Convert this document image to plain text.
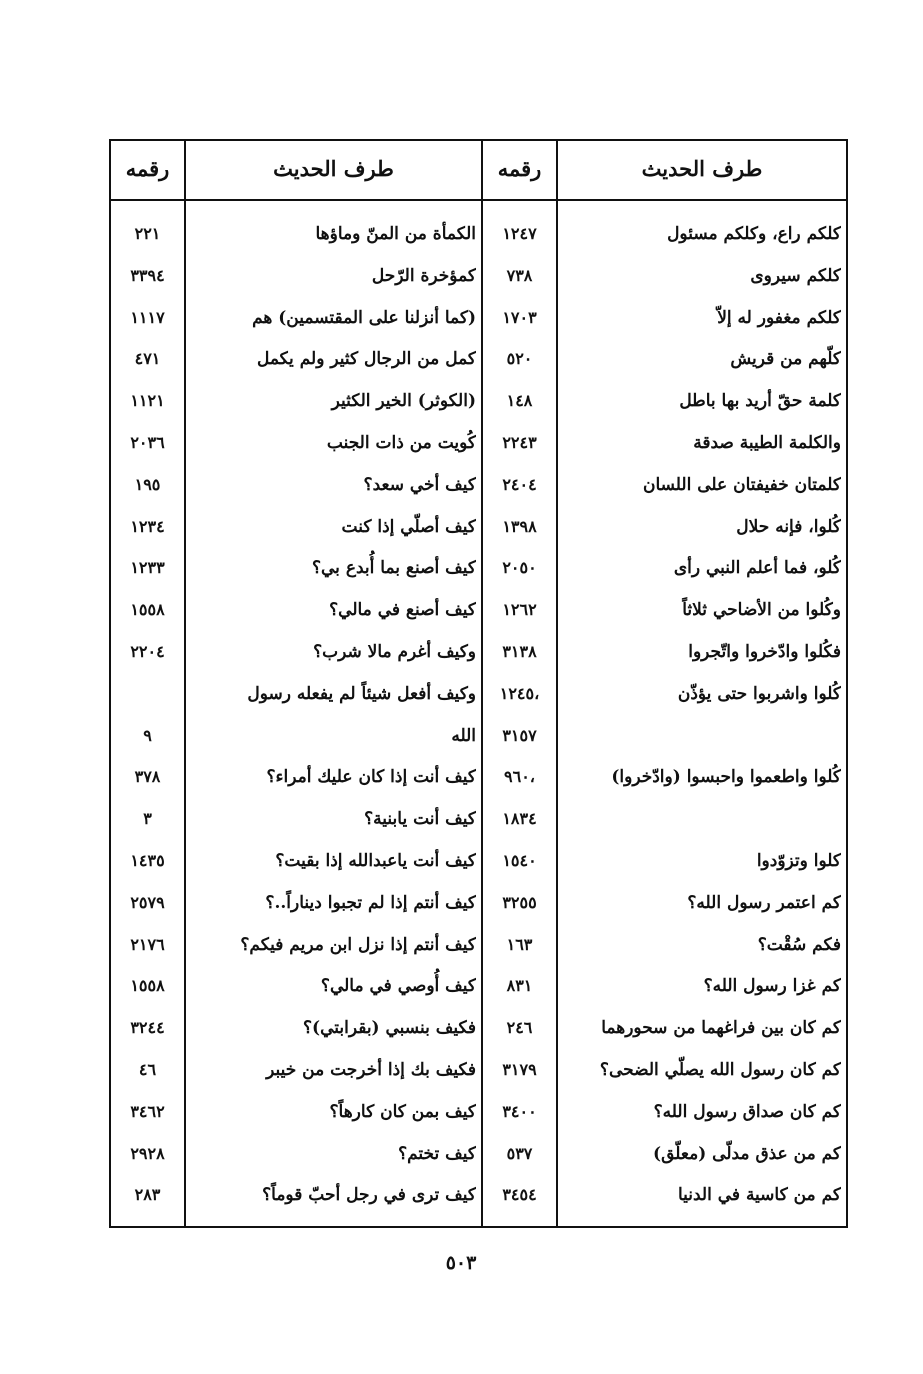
طرف الحديث
رقمه
طرف الحديث
رقمه
كلكم راع، وكلكم مسئول
١٢٤٧
الكمأة من المنّ وماؤها
٢٢١
كلكم سيروى
٧٣٨
كمؤخرة الرّحل
٣٣٩٤
كلكم مغفور له إلاّ
١٧٠٣
(كما أنزلنا على المقتسمين) هم
١١١٧
كلّهم من قريش
٥٢٠
كمل من الرجال كثير ولم يكمل
٤٧١
كلمة حقّ أريد بها باطل
١٤٨
(الكوثر) الخير الكثير
١١٢١
والكلمة الطيبة صدقة
٢٢٤٣
كُويت من ذات الجنب
٢٠٣٦
كلمتان خفيفتان على اللسان
٢٤٠٤
كيف أخي سعد؟
١٩٥
كُلوا، فإنه حلال
١٣٩٨
كيف أصلّي إذا كنت
١٢٣٤
كُلو، فما أعلم النبي رأى
٢٠٥٠
كيف أصنع بما أُبدع بي؟
١٢٣٣
وكُلوا من الأضاحي ثلاثاً
١٢٦٢
كيف أصنع في مالي؟
١٥٥٨
فكُلوا وادّخروا واتّجروا
٣١٣٨
وكيف أغرم مالا شرب؟
٢٢٠٤
كُلوا واشربوا حتى يؤذّن
١٢٤٥،
وكيف أفعل شيئاً لم يفعله رسول
٣١٥٧
الله
٩
كُلوا واطعموا واحبسوا (وادّخروا)
٩٦٠،
كيف أنت إذا كان عليك أمراء؟
٣٧٨
١٨٣٤
كيف أنت يابنية؟
٣
كلوا وتزوّدوا
١٥٤٠
كيف أنت ياعبدالله إذا بقيت؟
١٤٣٥
كم اعتمر رسول الله؟
٣٢٥٥
كيف أنتم إذا لم تجبوا ديناراً..؟
٢٥٧٩
فكم سُقْت؟
١٦٣
كيف أنتم إذا نزل ابن مريم فيكم؟
٢١٧٦
كم غزا رسول الله؟
٨٣١
كيف أُوصي في مالي؟
١٥٥٨
كم كان بين فراغهما من سحورهما
٢٤٦
فكيف بنسبي (بقرابتي)؟
٣٢٤٤
كم كان رسول الله يصلّي الضحى؟
٣١٧٩
فكيف بك إذا أخرجت من خيبر
٤٦
كم كان صداق رسول الله؟
٣٤٠٠
كيف بمن كان كارهاً؟
٣٤٦٢
كم من عذق مدلّى (معلّق)
٥٣٧
كيف تختم؟
٢٩٢٨
كم من كاسية في الدنيا
٣٤٥٤
كيف ترى في رجل أحبّ قوماً؟
٢٨٣
٥٠٣
